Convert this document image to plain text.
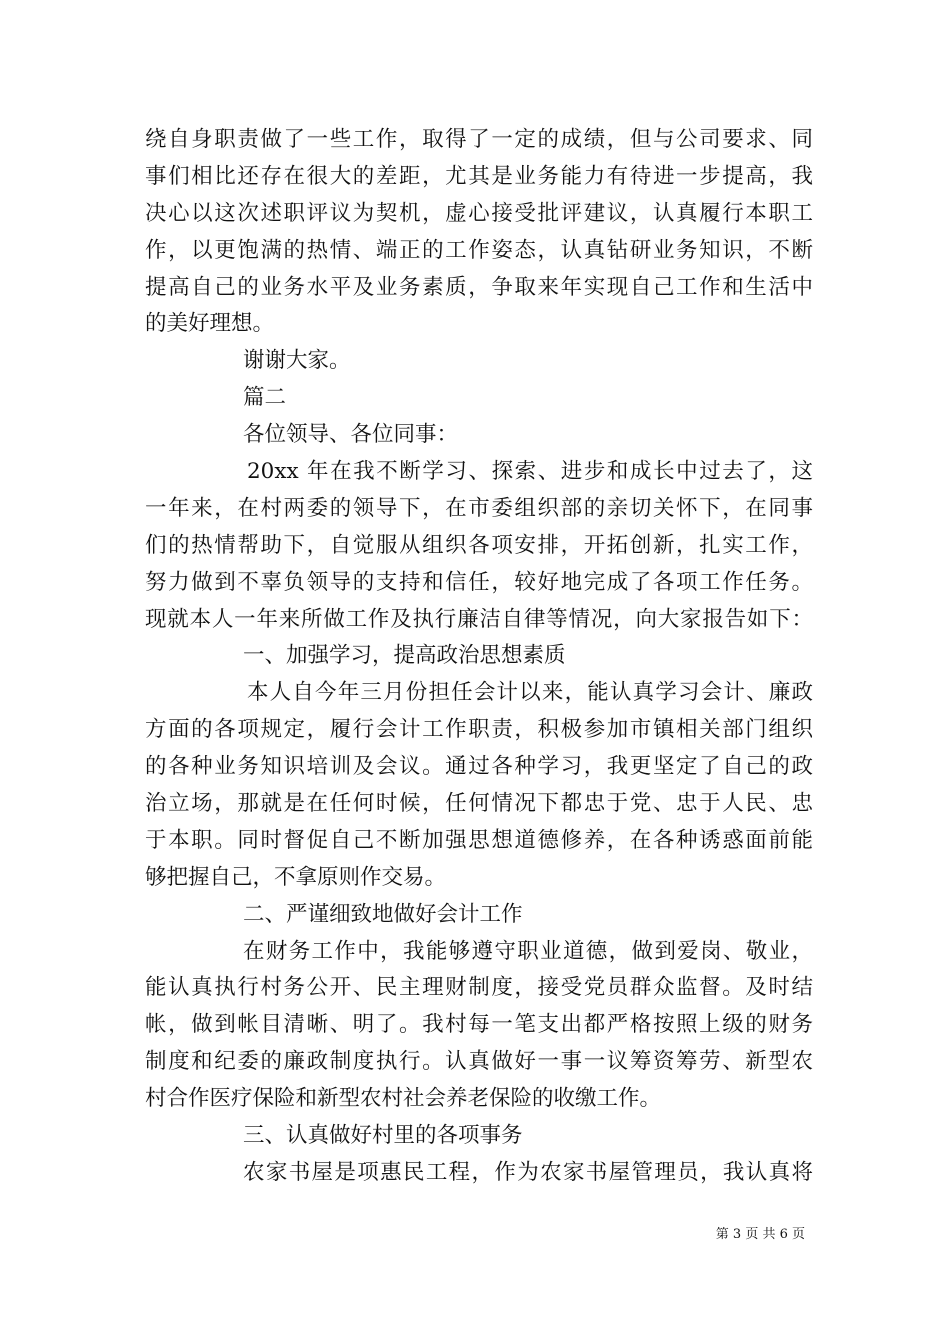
绕自身职责做了一些工作，取得了一定的成绩，但与公司要求、同
事们相比还存在很大的差距，尤其是业务能力有待进一步提高，我
决心以这次述职评议为契机，虚心接受批评建议，认真履行本职工
作，以更饱满的热情、端正的工作姿态，认真钻研业务知识，不断
提高自己的业务水平及业务素质，争取来年实现自己工作和生活中
的美好理想。
谢谢大家。
篇二
各位领导、各位同事：
20xx 年在我不断学习、探索、进步和成长中过去了，这
一年来，在村两委的领导下，在市委组织部的亲切关怀下，在同事
们的热情帮助下，自觉服从组织各项安排，开拓创新，扎实工作，
努力做到不辜负领导的支持和信任，较好地完成了各项工作任务。
现就本人一年来所做工作及执行廉洁自律等情况，向大家报告如下：
一、加强学习，提高政治思想素质
本人自今年三月份担任会计以来，能认真学习会计、廉政
方面的各项规定，履行会计工作职责，积极参加市镇相关部门组织
的各种业务知识培训及会议。通过各种学习，我更坚定了自己的政
治立场，那就是在任何时候，任何情况下都忠于党、忠于人民、忠
于本职。同时督促自己不断加强思想道德修养，在各种诱惑面前能
够把握自己，不拿原则作交易。
二、严谨细致地做好会计工作
在财务工作中，我能够遵守职业道德，做到爱岗、敬业，
能认真执行村务公开、民主理财制度，接受党员群众监督。及时结
帐，做到帐目清晰、明了。我村每一笔支出都严格按照上级的财务
制度和纪委的廉政制度执行。认真做好一事一议筹资筹劳、新型农
村合作医疗保险和新型农村社会养老保险的收缴工作。
三、认真做好村里的各项事务
农家书屋是项惠民工程，作为农家书屋管理员，我认真将
第 3 页 共 6 页
